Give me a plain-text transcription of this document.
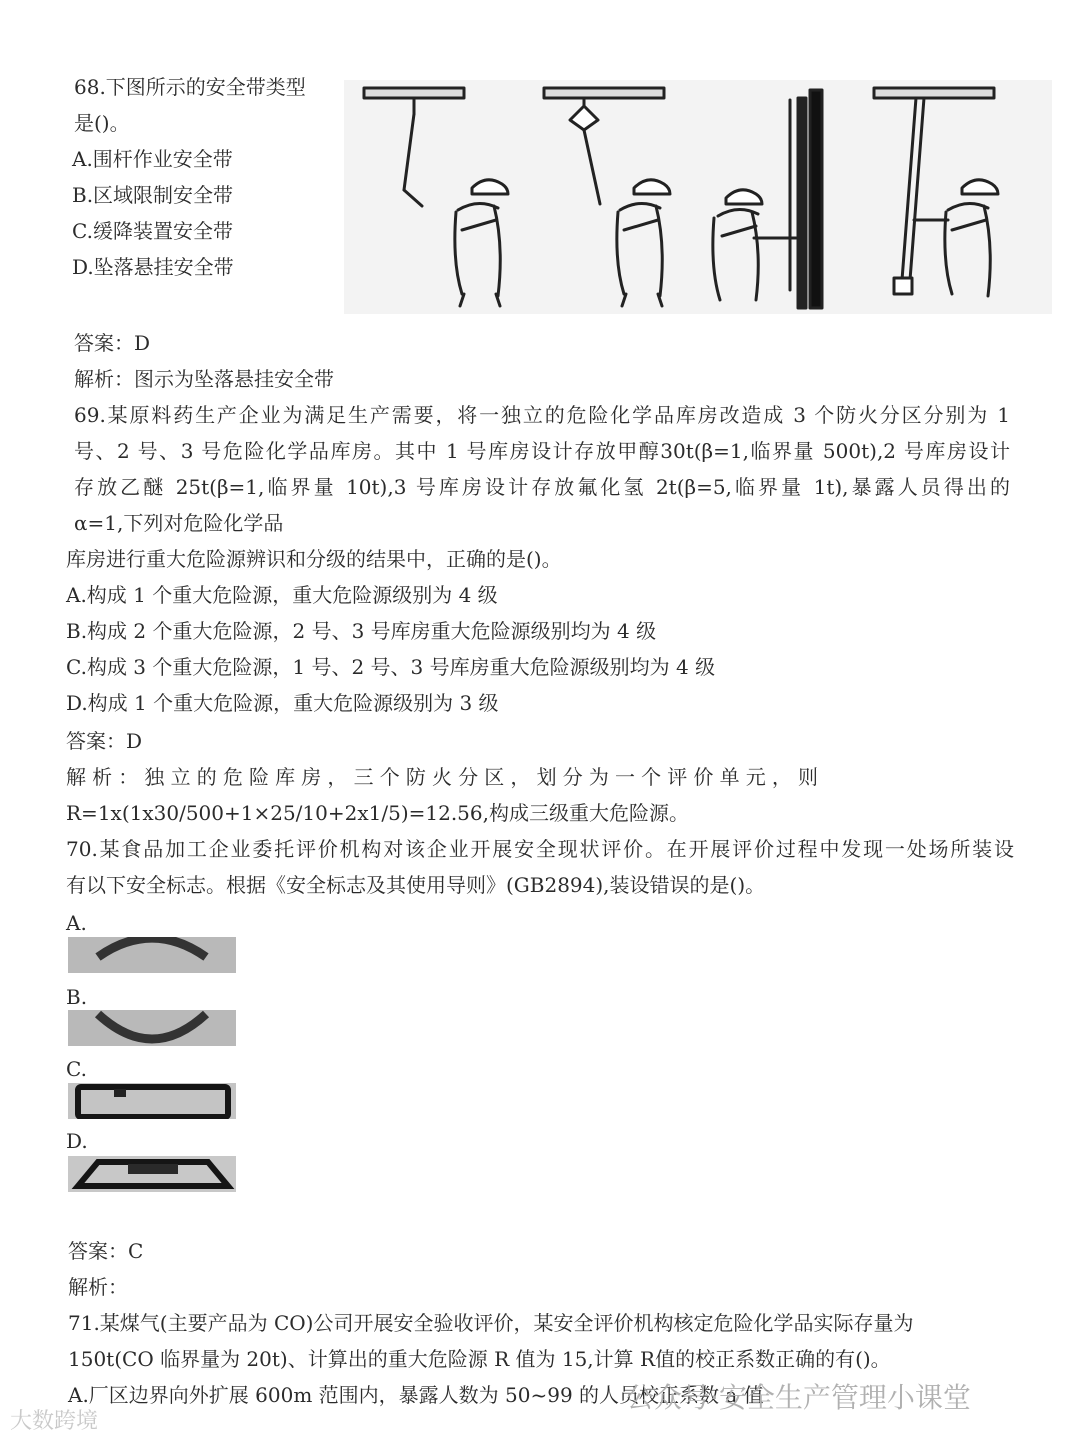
68.下图所示的安全带类型
是()。
A.围杆作业安全带
B.区域限制安全带
C.缓降装置安全带
D.坠落悬挂安全带
答案：D
解析：图示为坠落悬挂安全带
69.某原料药生产企业为满足生产需要，将一独立的危险化学品库房改造成 3 个防火分区分别为 1
号、2 号、3 号危险化学品库房。其中 1 号库房设计存放甲醇30t(β=1,临界量 500t),2 号库房设计
存放乙醚 25t(β=1,临界量 10t),3 号库房设计存放氟化氢 2t(β=5,临界量 1t),暴露人员得出的
α=1,下列对危险化学品
库房进行重大危险源辨识和分级的结果中，正确的是()。
A.构成 1 个重大危险源，重大危险源级别为 4 级
B.构成 2 个重大危险源，2 号、3 号库房重大危险源级别均为 4 级
C.构成 3 个重大危险源，1 号、2 号、3 号库房重大危险源级别均为 4 级
D.构成 1 个重大危险源，重大危险源级别为 3 级
答案：D
解析：独立的危险库房，三个防火分区，划分为一个评价单元，则
R=1x(1x30/500+1×25/10+2x1/5)=12.56,构成三级重大危险源。
70.某食品加工企业委托评价机构对该企业开展安全现状评价。在开展评价过程中发现一处场所装设
有以下安全标志。根据《安全标志及其使用导则》(GB2894),装设错误的是()。
A.
B.
C.
D.
答案：C
解析：
71.某煤气(主要产品为 CO)公司开展安全验收评价，某安全评价机构核定危险化学品实际存量为
150t(CO 临界量为 20t)、计算出的重大危险源 R 值为 15,计算 R值的校正系数正确的有()。
A.厂区边界向外扩展 600m 范围内，暴露人数为 50~99 的人员校正系数 a 值
大数跨境
公众号·安全生产管理小课堂
